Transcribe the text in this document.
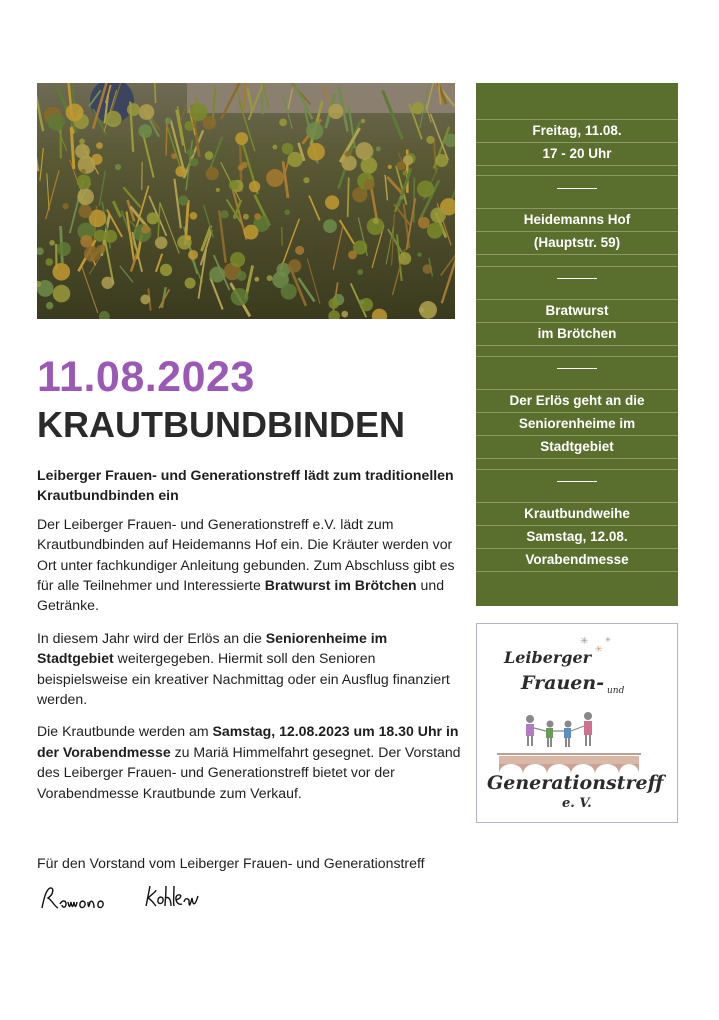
11.08.2023
KRAUTBUNDBINDEN

Leiberger Frauen- und Generationstreff lädt zum traditionellen Krautbundbinden ein

Der Leiberger Frauen- und Generationstreff e.V. lädt zum Krautbundbinden auf Heidemanns Hof ein. Die Kräuter werden vor Ort unter fachkundiger Anleitung gebunden. Zum Abschluss gibt es für alle Teilnehmer und Interessierte Bratwurst im Brötchen und Getränke.

In diesem Jahr wird der Erlös an die Seniorenheime im Stadtgebiet weitergegeben. Hiermit soll den Senioren beispielsweise ein kreativer Nachmittag oder ein Ausflug finanziert werden.

Die Krautbunde werden am Samstag, 12.08.2023 um 18.30 Uhr in der Vorabendmesse zu Mariä Himmelfahrt gesegnet. Der Vorstand des Leiberger Frauen- und Generationstreff bietet vor der Vorabendmesse Krautbunde zum Verkauf.

Für den Vorstand vom Leiberger Frauen- und Generationstreff
Freitag, 11.08.
17 - 20 Uhr
Heidemanns Hof
(Hauptstr. 59)
Bratwurst
im Brötchen
Der Erlös geht an die
Seniorenheime im
Stadtgebiet
Krautbundweihe
Samstag, 12.08.
Vorabendmesse
✳
✳
✳
Leiberger
Frauen- und
Generationstreff
e. V.
